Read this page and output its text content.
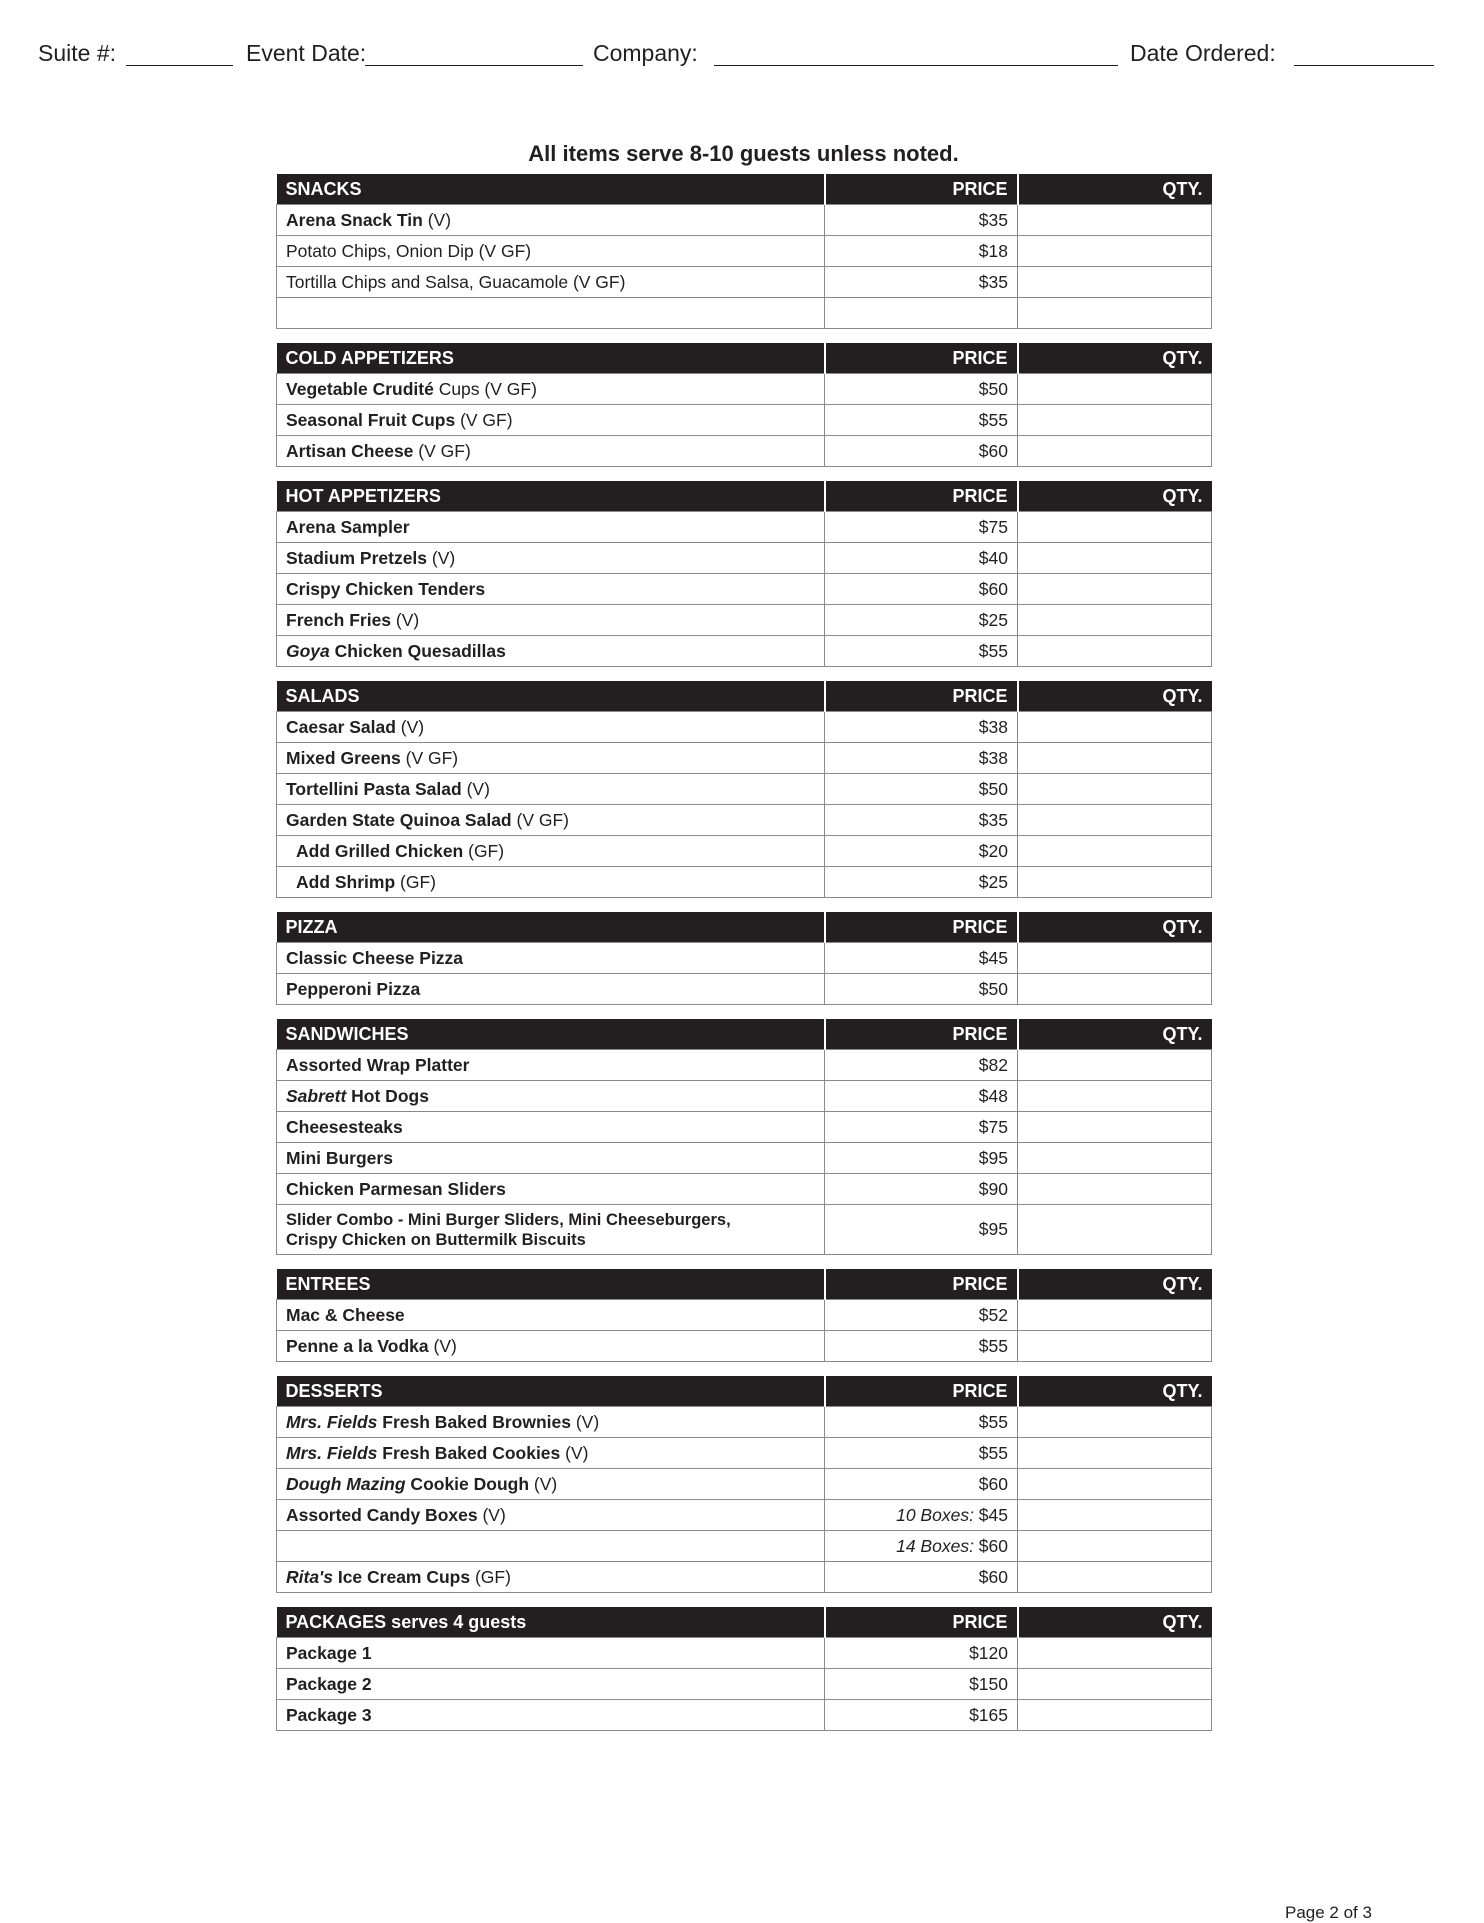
Suite #:	Event Date:	Company:	Date Ordered:
All items serve 8-10 guests unless noted.
SNACKS	PRICE	QTY.
Arena Snack Tin (V)	$35	
Potato Chips, Onion Dip (V GF)	$18	
Tortilla Chips and Salsa, Guacamole (V GF)	$35	

COLD APPETIZERS	PRICE	QTY.
Vegetable Crudité Cups (V GF)	$50	
Seasonal Fruit Cups (V GF)	$55	
Artisan Cheese (V GF)	$60	
HOT APPETIZERS	PRICE	QTY.
Arena Sampler	$75	
Stadium Pretzels (V)	$40	
Crispy Chicken Tenders	$60	
French Fries (V)	$25	
Goya Chicken Quesadillas	$55	
SALADS	PRICE	QTY.
Caesar Salad (V)	$38	
Mixed Greens (V GF)	$38	
Tortellini Pasta Salad (V)	$50	
Garden State Quinoa Salad (V GF)	$35	
Add Grilled Chicken (GF)	$20	
Add Shrimp (GF)	$25	
PIZZA	PRICE	QTY.
Classic Cheese Pizza	$45	
Pepperoni Pizza	$50	
SANDWICHES	PRICE	QTY.
Assorted Wrap Platter	$82	
Sabrett Hot Dogs	$48	
Cheesesteaks	$75	
Mini Burgers	$95	
Chicken Parmesan Sliders	$90	

Slider Combo - Mini Burger Sliders, Mini Cheeseburgers,
Crispy Chicken on Buttermilk Biscuits	$95	
ENTREES	PRICE	QTY.
Mac & Cheese	$52	
Penne a la Vodka (V)	$55	
DESSERTS	PRICE	QTY.
Mrs. Fields Fresh Baked Brownies (V)	$55	
Mrs. Fields Fresh Baked Cookies (V)	$55	
Dough Mazing Cookie Dough (V)	$60	
Assorted Candy Boxes (V)	10 Boxes: $45	
	14 Boxes: $60	
Rita's Ice Cream Cups (GF)	$60	
PACKAGES serves 4 guests	PRICE	QTY.
Package 1	$120	
Package 2	$150	
Package 3	$165	
Page 2 of 3
